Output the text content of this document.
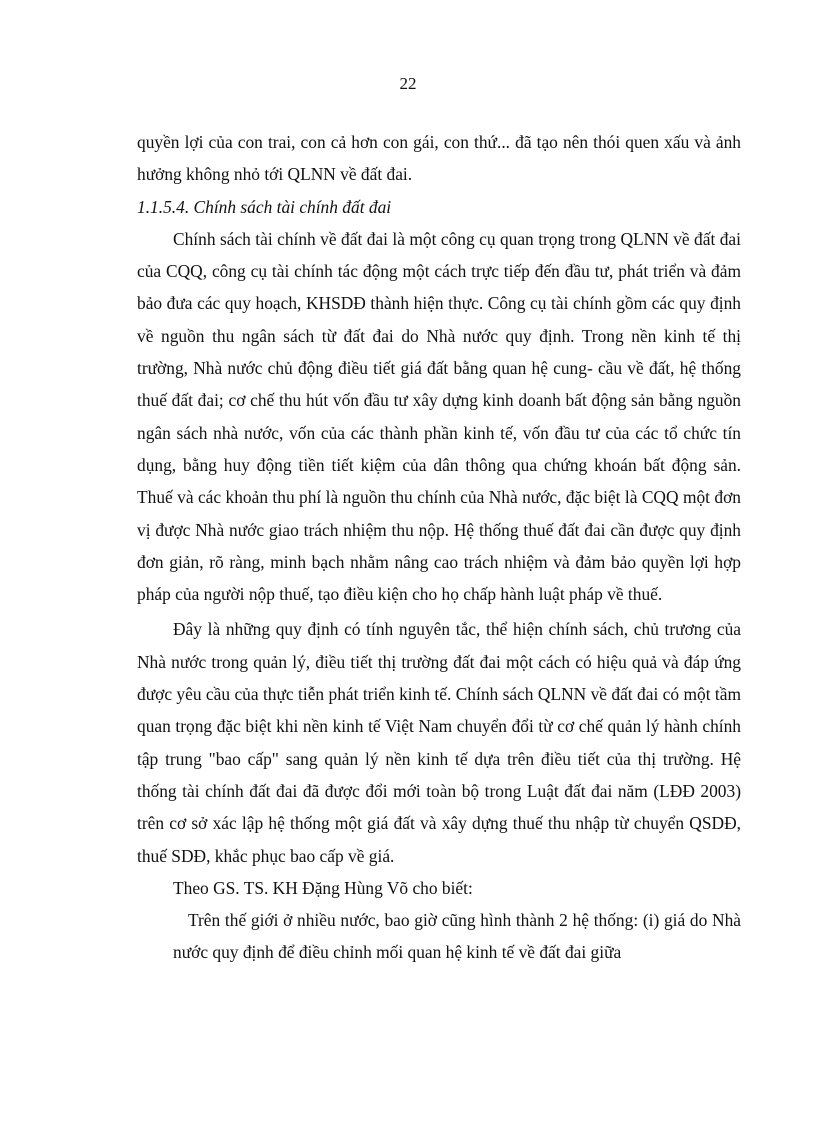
22

quyền lợi của con trai, con cả hơn con gái, con thứ... đã tạo nên thói quen xấu và ảnh hưởng không nhỏ tới QLNN về đất đai.

1.1.5.4. Chính sách tài chính đất đai

Chính sách tài chính về đất đai là một công cụ quan trọng trong QLNN về đất đai của CQQ, công cụ tài chính tác động một cách trực tiếp đến đầu tư, phát triển và đảm bảo đưa các quy hoạch, KHSDĐ thành hiện thực. Công cụ tài chính gồm các quy định về nguồn thu ngân sách từ đất đai do Nhà nước quy định. Trong nền kinh tế thị trường, Nhà nước chủ động điều tiết giá đất bằng quan hệ cung- cầu về đất, hệ thống thuế đất đai; cơ chế thu hút vốn đầu tư xây dựng kinh doanh bất động sản bằng nguồn ngân sách nhà nước, vốn của các thành phần kinh tế, vốn đầu tư của các tổ chức tín dụng, bằng huy động tiền tiết kiệm của dân thông qua chứng khoán bất động sản. Thuế và các khoản thu phí là nguồn thu chính của Nhà nước, đặc biệt là CQQ một đơn vị được Nhà nước giao trách nhiệm thu nộp. Hệ thống thuế đất đai cần được quy định đơn giản, rõ ràng, minh bạch nhằm nâng cao trách nhiệm và đảm bảo quyền lợi hợp pháp của người nộp thuế, tạo điều kiện cho họ chấp hành luật pháp về thuế.

Đây là những quy định có tính nguyên tắc, thể hiện chính sách, chủ trương của Nhà nước trong quản lý, điều tiết thị trường đất đai một cách có hiệu quả và đáp ứng được yêu cầu của thực tiễn phát triển kinh tế. Chính sách QLNN về đất đai có một tầm quan trọng đặc biệt khi nền kinh tế Việt Nam chuyển đổi từ cơ chế quản lý hành chính tập trung "bao cấp" sang quản lý nền kinh tế dựa trên điều tiết của thị trường. Hệ thống tài chính đất đai đã được đổi mới toàn bộ trong Luật đất đai năm (LĐĐ 2003) trên cơ sở xác lập hệ thống một giá đất và xây dựng thuế thu nhập từ chuyển QSDĐ, thuế SDĐ, khắc phục bao cấp về giá.

Theo GS. TS. KH Đặng Hùng Võ cho biết:

Trên thế giới ở nhiều nước, bao giờ cũng hình thành 2 hệ thống: (i) giá do Nhà nước quy định để điều chỉnh mối quan hệ kinh tế về đất đai giữa
